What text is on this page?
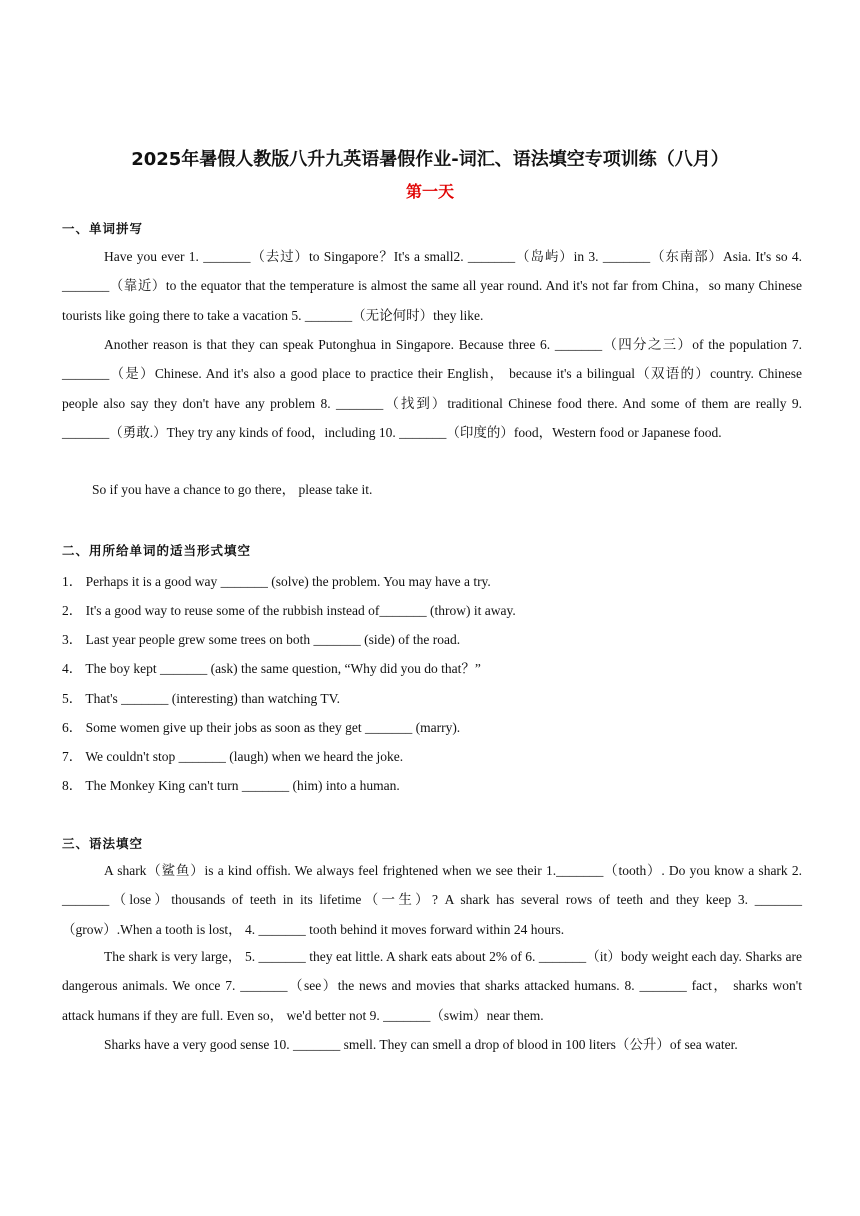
2025年暑假人教版八升九英语暑假作业-词汇、语法填空专项训练（八月）
第一天
一、单词拼写

Have you ever 1. _______（去过）to Singapore？It's a small2. _______（岛屿）in 3. _______（东南部）Asia. It's so 4. _______（靠近）to the equator that the temperature is almost the same all year round. And it's not far from China，so many Chinese tourists like going there to take a vacation 5. _______（无论何时）they like.

Another reason is that they can speak Putonghua in Singapore. Because three 6. _______（四分之三）of the population 7. _______（是）Chinese. And it's also a good place to practice their English， because it's a bilingual（双语的）country. Chinese people also say they don't have any problem 8. _______（找到）traditional Chinese food there. And some of them are really 9. _______（勇敢.）They try any kinds of food，including 10. _______（印度的）food，Western food or Japanese food.

So if you have a chance to go there， please take it.

二、用所给单词的适当形式填空
1． Perhaps it is a good way _______ (solve) the problem. You may have a try.
2． It's a good way to reuse some of the rubbish instead of_______ (throw) it away.
3． Last year people grew some trees on both _______ (side) of the road.
4． The boy kept _______ (ask) the same question, “Why did you do that？”
5． That's _______ (interesting) than watching TV.
6． Some women give up their jobs as soon as they get _______ (marry).
7． We couldn't stop _______ (laugh) when we heard the joke.
8． The Monkey King can't turn _______ (him) into a human.
三、语法填空

A shark（鲨鱼）is a kind offish. We always feel frightened when we see their 1._______（tooth）. Do you know a shark 2. _______（lose）thousands of teeth in its lifetime（一生）? A shark has several rows of teeth and they keep 3. _______（grow）.When a tooth is lost， 4. _______ tooth behind it moves forward within 24 hours.

The shark is very large， 5. _______ they eat little. A shark eats about 2% of 6. _______（it）body weight each day. Sharks are dangerous animals. We once 7. _______（see）the news and movies that sharks attacked humans. 8. _______ fact， sharks won't attack humans if they are full. Even so， we'd better not 9. _______（swim）near them.

Sharks have a very good sense 10. _______ smell. They can smell a drop of blood in 100 liters（公升）of sea water.
